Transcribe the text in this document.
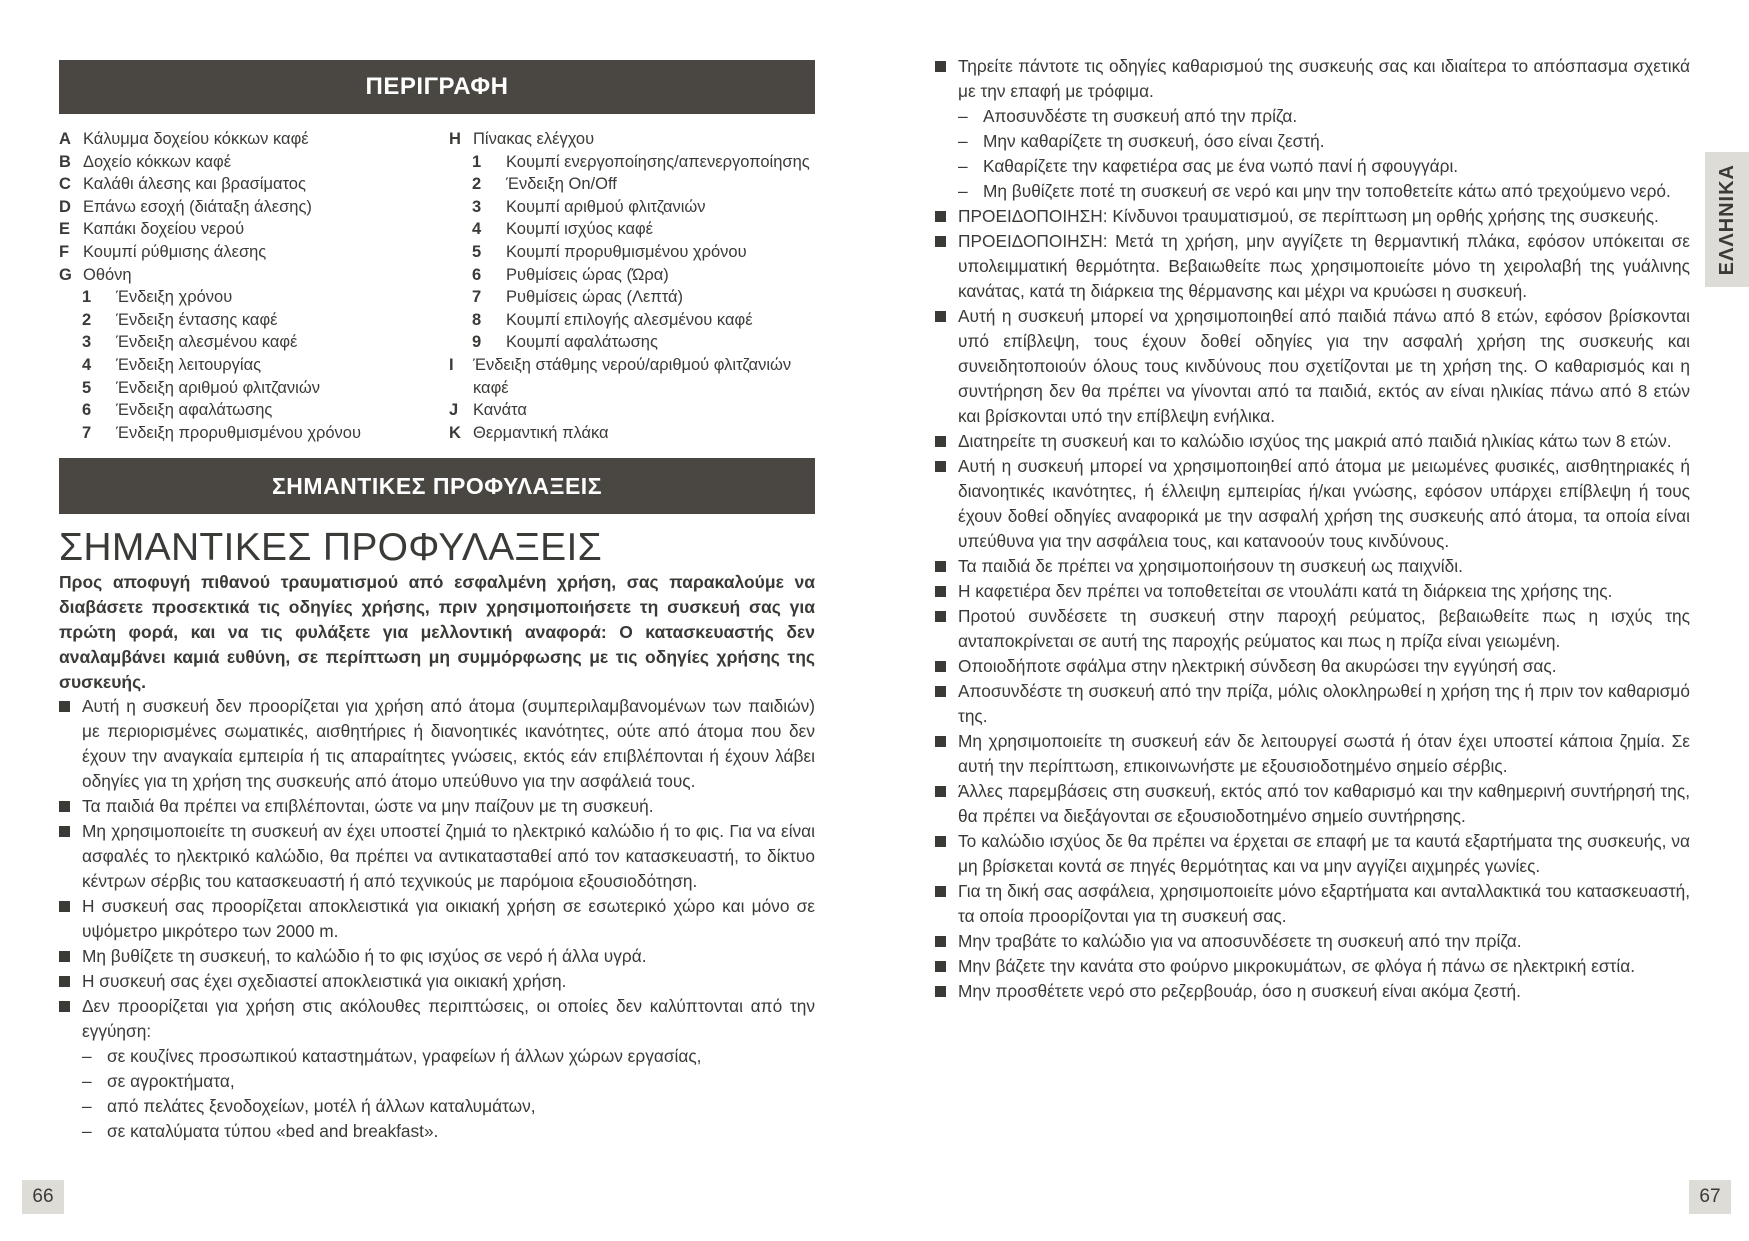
ΠΕΡΙΓΡΑΦΗ
A Κάλυμμα δοχείου κόκκων καφέ
B Δοχείο κόκκων καφέ
C Καλάθι άλεσης και βρασίματος
D Επάνω εσοχή (διάταξη άλεσης)
E Καπάκι δοχείου νερού
F Κουμπί ρύθμισης άλεσης
G Οθόνη
1	Ένδειξη χρόνου
2	Ένδειξη έντασης καφέ
3	Ένδειξη αλεσμένου καφέ
4	Ένδειξη λειτουργίας
5	Ένδειξη αριθμού φλιτζανιών
6	Ένδειξη αφαλάτωσης
7	Ένδειξη προρυθμισμένου χρόνου
H Πίνακας ελέγχου
1	Κουμπί ενεργοποίησης/απενεργοποίησης
2	Ένδειξη On/Off
3	Κουμπί αριθμού φλιτζανιών
4	Κουμπί ισχύος καφέ
5	Κουμπί προρυθμισμένου χρόνου
6	Ρυθμίσεις ώρας (Ώρα)
7	Ρυθμίσεις ώρας (Λεπτά)
8	Κουμπί επιλογής αλεσμένου καφέ
9	Κουμπί αφαλάτωσης
I	Ένδειξη στάθμης νερού/αριθμού φλιτζανιών καφέ
J Κανάτα
K Θερμαντική πλάκα
ΣΗΜΑΝΤΙΚΕΣ ΠΡΟΦΥΛΑΞΕΙΣ
ΣΗΜΑΝΤΙΚΕΣ ΠΡΟΦΥΛΑΞΕΙΣ

Προς αποφυγή πιθανού τραυματισμού από εσφαλμένη χρήση, σας παρακαλούμε να διαβάσετε προσεκτικά τις οδηγίες χρήσης, πριν χρησιμοποιήσετε τη συσκευή σας για πρώτη φορά, και να τις φυλάξετε για μελλοντική αναφορά: Ο κατασκευαστής δεν αναλαμβάνει καμιά ευθύνη, σε περίπτωση μη συμμόρφωσης με τις οδηγίες χρήσης της συσκευής.

Αυτή η συσκευή δεν προορίζεται για χρήση από άτομα (συμπεριλαμβανομένων των παιδιών) με περιορισμένες σωματικές, αισθητήριες ή διανοητικές ικανότητες, ούτε από άτομα που δεν έχουν την αναγκαία εμπειρία ή τις απαραίτητες γνώσεις, εκτός εάν επιβλέπονται ή έχουν λάβει οδηγίες για τη χρήση της συσκευής από άτομο υπεύθυνο για την ασφάλειά τους.
Τα παιδιά θα πρέπει να επιβλέπονται, ώστε να μην παίζουν με τη συσκευή.
Μη χρησιμοποιείτε τη συσκευή αν έχει υποστεί ζημιά το ηλεκτρικό καλώδιο ή το φις. Για να είναι ασφαλές το ηλεκτρικό καλώδιο, θα πρέπει να αντικατασταθεί από τον κατασκευαστή, το δίκτυο κέντρων σέρβις του κατασκευαστή ή από τεχνικούς με παρόμοια εξουσιοδότηση.
Η συσκευή σας προορίζεται αποκλειστικά για οικιακή χρήση σε εσωτερικό χώρο και μόνο σε υψόμετρο μικρότερο των 2000 m.
Μη βυθίζετε τη συσκευή, το καλώδιο ή το φις ισχύος σε νερό ή άλλα υγρά.
Η συσκευή σας έχει σχεδιαστεί αποκλειστικά για οικιακή χρήση.
Δεν προορίζεται για χρήση στις ακόλουθες περιπτώσεις, οι οποίες δεν καλύπτονται από την εγγύηση:
– σε κουζίνες προσωπικού καταστημάτων, γραφείων ή άλλων χώρων εργασίας,
– σε αγροκτήματα,
– από πελάτες ξενοδοχείων, μοτέλ ή άλλων καταλυμάτων,
– σε καταλύματα τύπου «bed and breakfast».
66
Τηρείτε πάντοτε τις οδηγίες καθαρισμού της συσκευής σας και ιδιαίτερα το απόσπασμα σχετικά με την επαφή με τρόφιμα.
– Αποσυνδέστε τη συσκευή από την πρίζα.
– Μην καθαρίζετε τη συσκευή, όσο είναι ζεστή.
– Καθαρίζετε την καφετιέρα σας με ένα νωπό πανί ή σφουγγάρι.
– Μη βυθίζετε ποτέ τη συσκευή σε νερό και μην την τοποθετείτε κάτω από τρεχούμενο νερό.
ΠΡΟΕΙΔΟΠΟΙΗΣΗ: Κίνδυνοι τραυματισμού, σε περίπτωση μη ορθής χρήσης της συσκευής.
ΠΡΟΕΙΔΟΠΟΙΗΣΗ: Μετά τη χρήση, μην αγγίζετε τη θερμαντική πλάκα, εφόσον υπόκειται σε υπολειμματική θερμότητα. Βεβαιωθείτε πως χρησιμοποιείτε μόνο τη χειρολαβή της γυάλινης κανάτας, κατά τη διάρκεια της θέρμανσης και μέχρι να κρυώσει η συσκευή.
Αυτή η συσκευή μπορεί να χρησιμοποιηθεί από παιδιά πάνω από 8 ετών, εφόσον βρίσκονται υπό επίβλεψη, τους έχουν δοθεί οδηγίες για την ασφαλή χρήση της συσκευής και συνειδητοποιούν όλους τους κινδύνους που σχετίζονται με τη χρήση της. Ο καθαρισμός και η συντήρηση δεν θα πρέπει να γίνονται από τα παιδιά, εκτός αν είναι ηλικίας πάνω από 8 ετών και βρίσκονται υπό την επίβλεψη ενήλικα.
Διατηρείτε τη συσκευή και το καλώδιο ισχύος της μακριά από παιδιά ηλικίας κάτω των 8 ετών.
Αυτή η συσκευή μπορεί να χρησιμοποιηθεί από άτομα με μειωμένες φυσικές, αισθητηριακές ή διανοητικές ικανότητες, ή έλλειψη εμπειρίας ή/και γνώσης, εφόσον υπάρχει επίβλεψη ή τους έχουν δοθεί οδηγίες αναφορικά με την ασφαλή χρήση της συσκευής από άτομα, τα οποία είναι υπεύθυνα για την ασφάλεια τους, και κατανοούν τους κινδύνους.
Τα παιδιά δε πρέπει να χρησιμοποιήσουν τη συσκευή ως παιχνίδι.
Η καφετιέρα δεν πρέπει να τοποθετείται σε ντουλάπι κατά τη διάρκεια της χρήσης της.
Προτού συνδέσετε τη συσκευή στην παροχή ρεύματος, βεβαιωθείτε πως η ισχύς της ανταποκρίνεται σε αυτή της παροχής ρεύματος και πως η πρίζα είναι γειωμένη.
Οποιοδήποτε σφάλμα στην ηλεκτρική σύνδεση θα ακυρώσει την εγγύησή σας.
Αποσυνδέστε τη συσκευή από την πρίζα, μόλις ολοκληρωθεί η χρήση της ή πριν τον καθαρισμό της.
Μη χρησιμοποιείτε τη συσκευή εάν δε λειτουργεί σωστά ή όταν έχει υποστεί κάποια ζημία. Σε αυτή την περίπτωση, επικοινωνήστε με εξουσιοδοτημένο σημείο σέρβις.
Άλλες παρεμβάσεις στη συσκευή, εκτός από τον καθαρισμό και την καθημερινή συντήρησή της, θα πρέπει να διεξάγονται σε εξουσιοδοτημένο σημείο συντήρησης.
Το καλώδιο ισχύος δε θα πρέπει να έρχεται σε επαφή με τα καυτά εξαρτήματα της συσκευής, να μη βρίσκεται κοντά σε πηγές θερμότητας και να μην αγγίζει αιχμηρές γωνίες.
Για τη δική σας ασφάλεια, χρησιμοποιείτε μόνο εξαρτήματα και ανταλλακτικά του κατασκευαστή, τα οποία προορίζονται για τη συσκευή σας.
Μην τραβάτε το καλώδιο για να αποσυνδέσετε τη συσκευή από την πρίζα.
Μην βάζετε την κανάτα στο φούρνο μικροκυμάτων, σε φλόγα ή πάνω σε ηλεκτρική εστία.
Μην προσθέτετε νερό στο ρεζερβουάρ, όσο η συσκευή είναι ακόμα ζεστή.
ΕΛΛΗΝΙΚΑ
67
